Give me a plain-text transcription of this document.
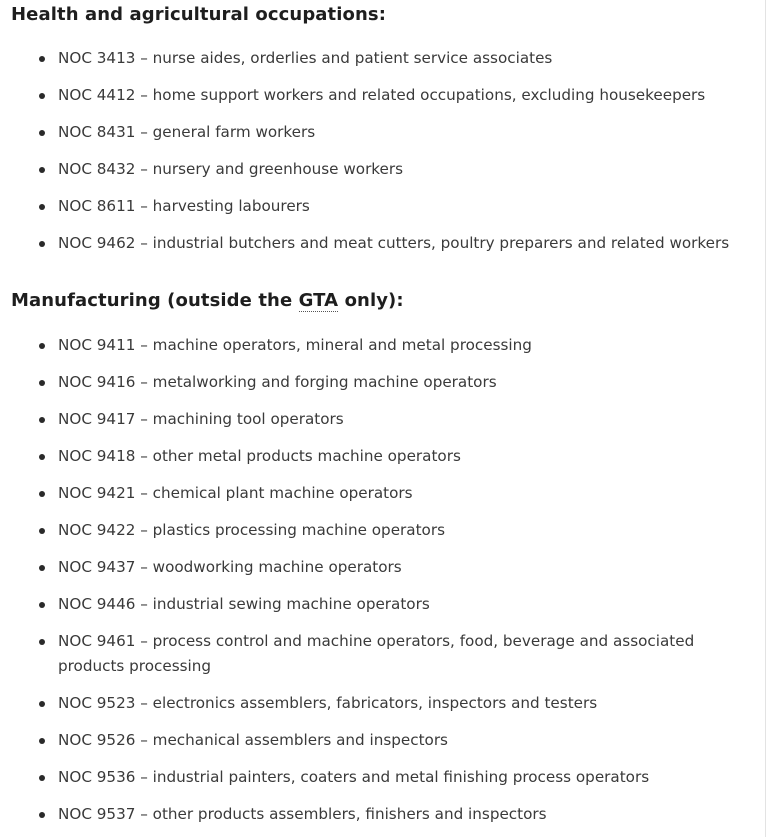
Health and agricultural occupations:
NOC 3413 – nurse aides, orderlies and patient service associates
NOC 4412 – home support workers and related occupations, excluding housekeepers
NOC 8431 – general farm workers
NOC 8432 – nursery and greenhouse workers
NOC 8611 – harvesting labourers
NOC 9462 – industrial butchers and meat cutters, poultry preparers and related workers
Manufacturing (outside the GTA only):
NOC 9411 – machine operators, mineral and metal processing
NOC 9416 – metalworking and forging machine operators
NOC 9417 – machining tool operators
NOC 9418 – other metal products machine operators
NOC 9421 – chemical plant machine operators
NOC 9422 – plastics processing machine operators
NOC 9437 – woodworking machine operators
NOC 9446 – industrial sewing machine operators
NOC 9461 – process control and machine operators, food, beverage and associated products processing
NOC 9523 – electronics assemblers, fabricators, inspectors and testers
NOC 9526 – mechanical assemblers and inspectors
NOC 9536 – industrial painters, coaters and metal finishing process operators
NOC 9537 – other products assemblers, finishers and inspectors
